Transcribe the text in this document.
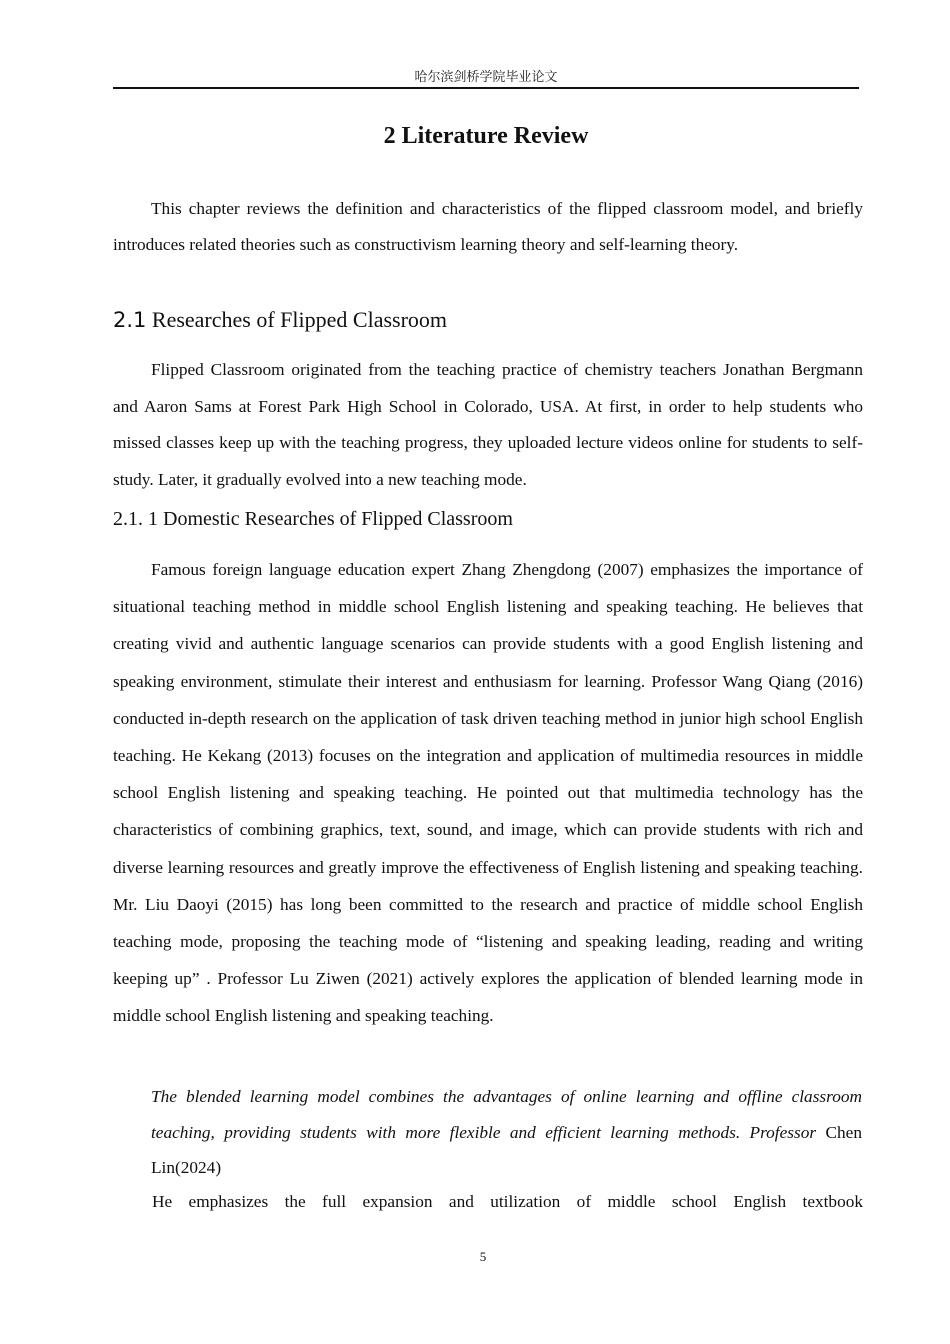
哈尔滨剑桥学院毕业论文
2 Literature Review

This chapter reviews the definition and characteristics of the flipped classroom model, and briefly introduces related theories such as constructivism learning theory and self-learning theory.

2.1 Researches of Flipped Classroom

Flipped Classroom originated from the teaching practice of chemistry teachers Jonathan Bergmann and Aaron Sams at Forest Park High School in Colorado, USA. At first, in order to help students who missed classes keep up with the teaching progress, they uploaded lecture videos online for students to self-study. Later, it gradually evolved into a new teaching mode.

2.1. 1 Domestic Researches of Flipped Classroom

Famous foreign language education expert Zhang Zhengdong (2007) emphasizes the importance of situational teaching method in middle school English listening and speaking teaching. He believes that creating vivid and authentic language scenarios can provide students with a good English listening and speaking environment, stimulate their interest and enthusiasm for learning. Professor Wang Qiang (2016) conducted in-depth research on the application of task driven teaching method in junior high school English teaching. He Kekang (2013) focuses on the integration and application of multimedia resources in middle school English listening and speaking teaching. He pointed out that multimedia technology has the characteristics of combining graphics, text, sound, and image, which can provide students with rich and diverse learning resources and greatly improve the effectiveness of English listening and speaking teaching. Mr. Liu Daoyi (2015) has long been committed to the research and practice of middle school English teaching mode, proposing the teaching mode of “listening and speaking leading, reading and writing keeping up” . Professor Lu Ziwen (2021) actively explores the application of blended learning mode in middle school English listening and speaking teaching.

The blended learning model combines the advantages of online learning and offline classroom teaching, providing students with more flexible and efficient learning methods. Professor Chen Lin(2024)

He emphasizes the full expansion and utilization of middle school English textbook

5
